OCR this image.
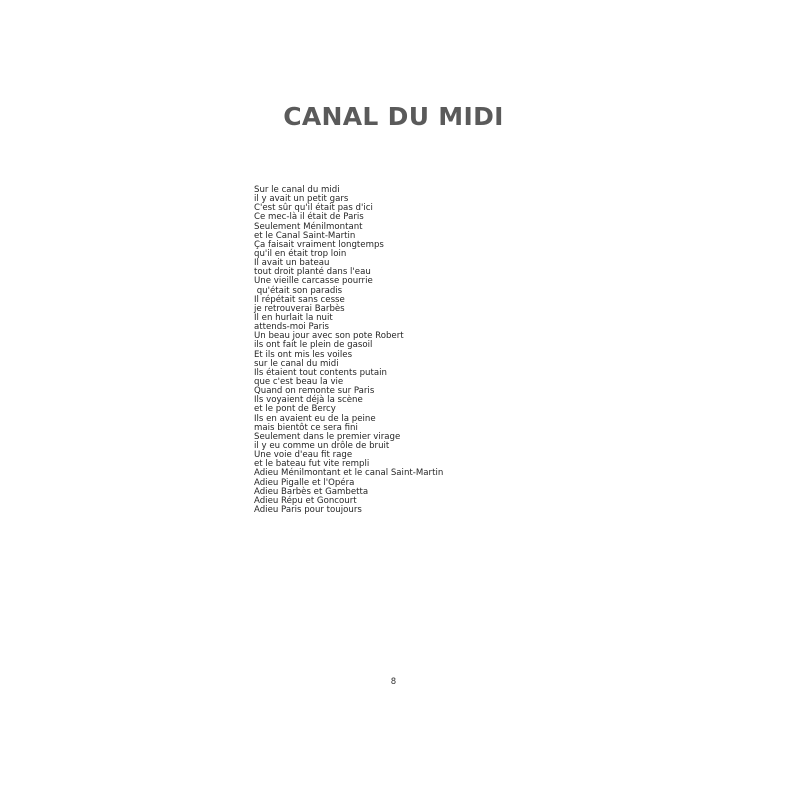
CANAL DU MIDI
Sur le canal du midi
il y avait un petit gars
C'est sûr qu'il était pas d'ici
Ce mec-là il était de Paris
Seulement Ménilmontant
et le Canal Saint-Martin
Ça faisait vraiment longtemps
qu'il en était trop loin
Il avait un bateau
tout droit planté dans l'eau
Une vieille carcasse pourrie
qu'était son paradis
Il répétait sans cesse
je retrouverai Barbès
Il en hurlait la nuit
attends-moi Paris
Un beau jour avec son pote Robert
ils ont fait le plein de gasoil
Et ils ont mis les voiles
sur le canal du midi
Ils étaient tout contents putain
que c'est beau la vie
Quand on remonte sur Paris
Ils voyaient déjà la scène
et le pont de Bercy
Ils en avaient eu de la peine
mais bientôt ce sera fini
Seulement dans le premier virage
il y eu comme un drôle de bruit
Une voie d'eau fit rage
et le bateau fut vite rempli
Adieu Ménilmontant et le canal Saint-Martin
Adieu Pigalle et l'Opéra
Adieu Barbès et Gambetta
Adieu Répu et Goncourt
Adieu Paris pour toujours
8
